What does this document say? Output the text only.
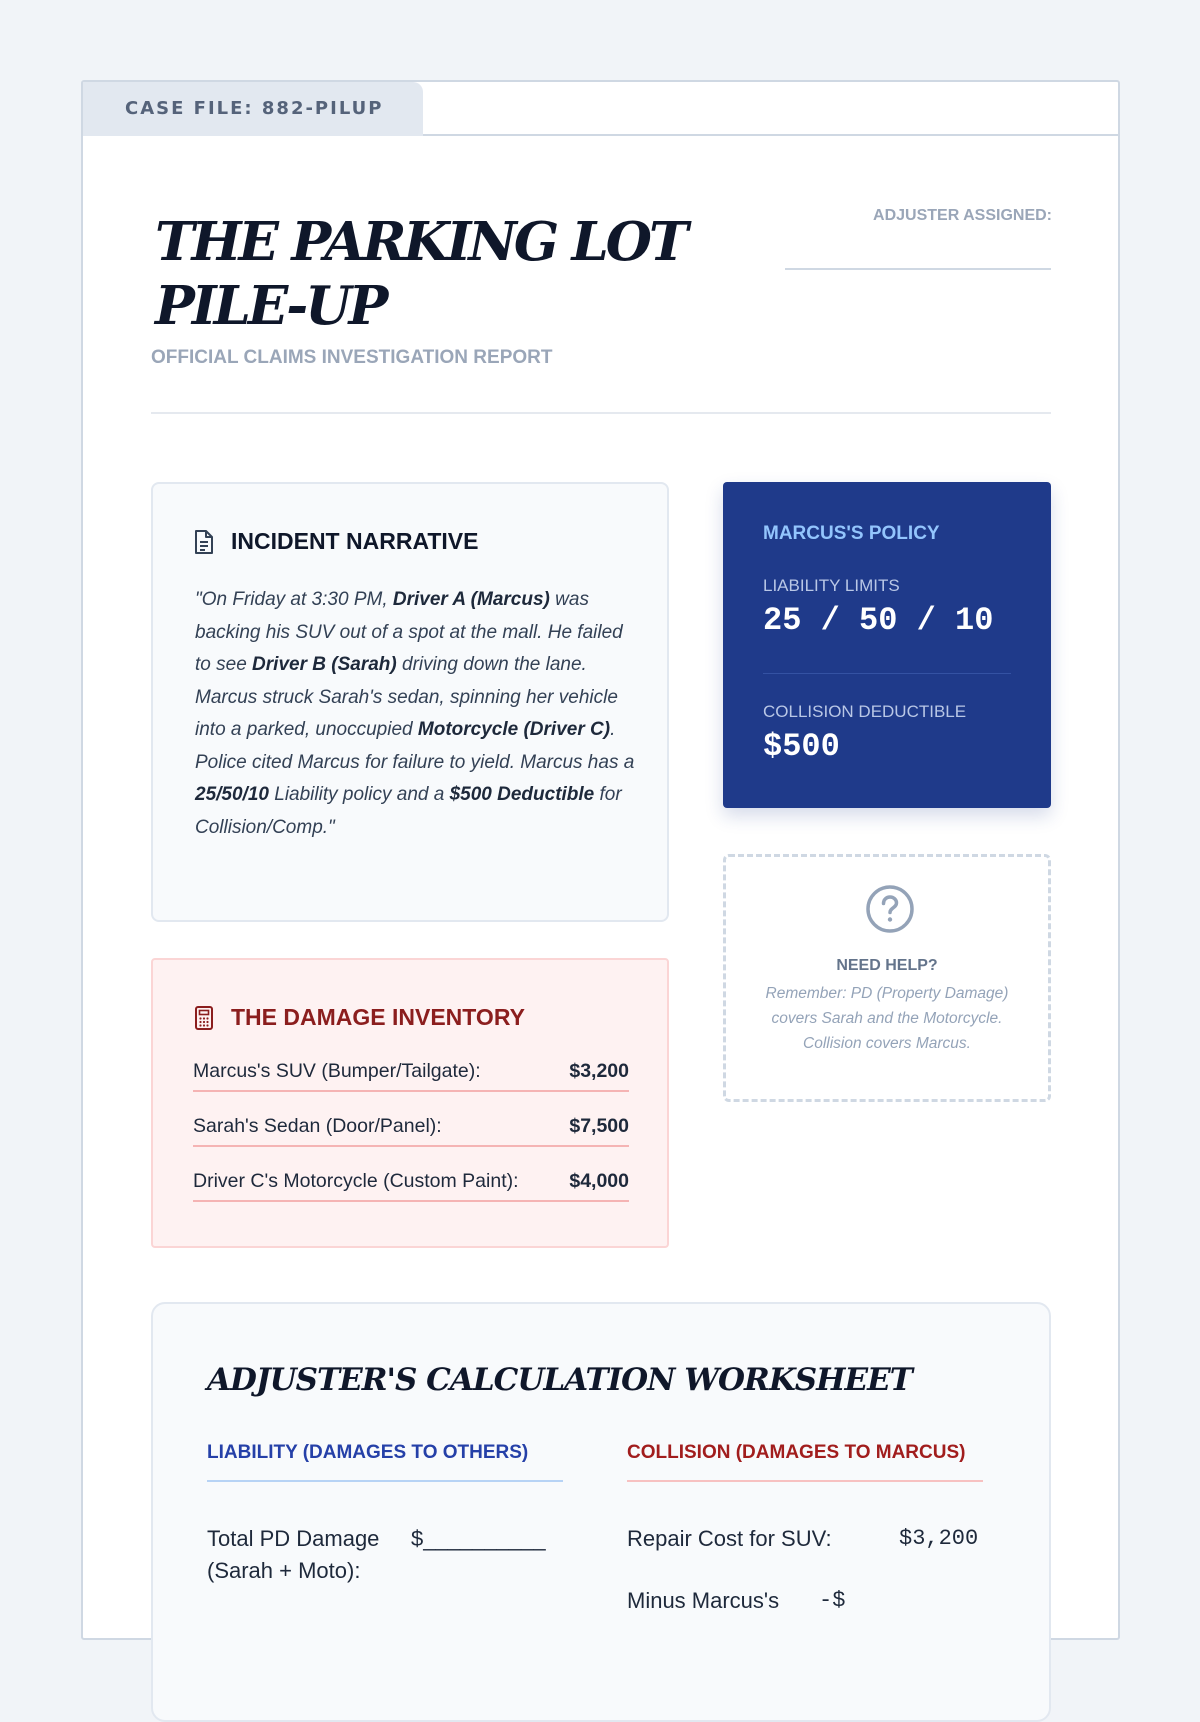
CASE FILE: 882-PILUP
THE PARKING LOT PILE-UP
OFFICIAL CLAIMS INVESTIGATION REPORT
ADJUSTER ASSIGNED:
INCIDENT NARRATIVE

"On Friday at 3:30 PM, Driver A (Marcus) was backing his SUV out of a spot at the mall. He failed to see Driver B (Sarah) driving down the lane. Marcus struck Sarah's sedan, spinning her vehicle into a parked, unoccupied Motorcycle (Driver C). Police cited Marcus for failure to yield. Marcus has a 25/50/10 Liability policy and a $500 Deductible for Collision/Comp."

MARCUS'S POLICY
LIABILITY LIMITS
25 / 50 / 10
COLLISION DEDUCTIBLE
$500
NEED HELP?
Remember: PD (Property Damage) covers Sarah and the Motorcycle. Collision covers Marcus.
THE DAMAGE INVENTORY
Marcus's SUV (Bumper/Tailgate):	$3,200
Sarah's Sedan (Door/Panel):	$7,500
Driver C's Motorcycle (Custom Paint):	$4,000
ADJUSTER'S CALCULATION WORKSHEET
LIABILITY (DAMAGES TO OTHERS)	COLLISION (DAMAGES TO MARCUS)
Total PD Damage
(Sarah + Moto):
$__________	Repair Cost for SUV:	$3,200
Minus Marcus's -$
